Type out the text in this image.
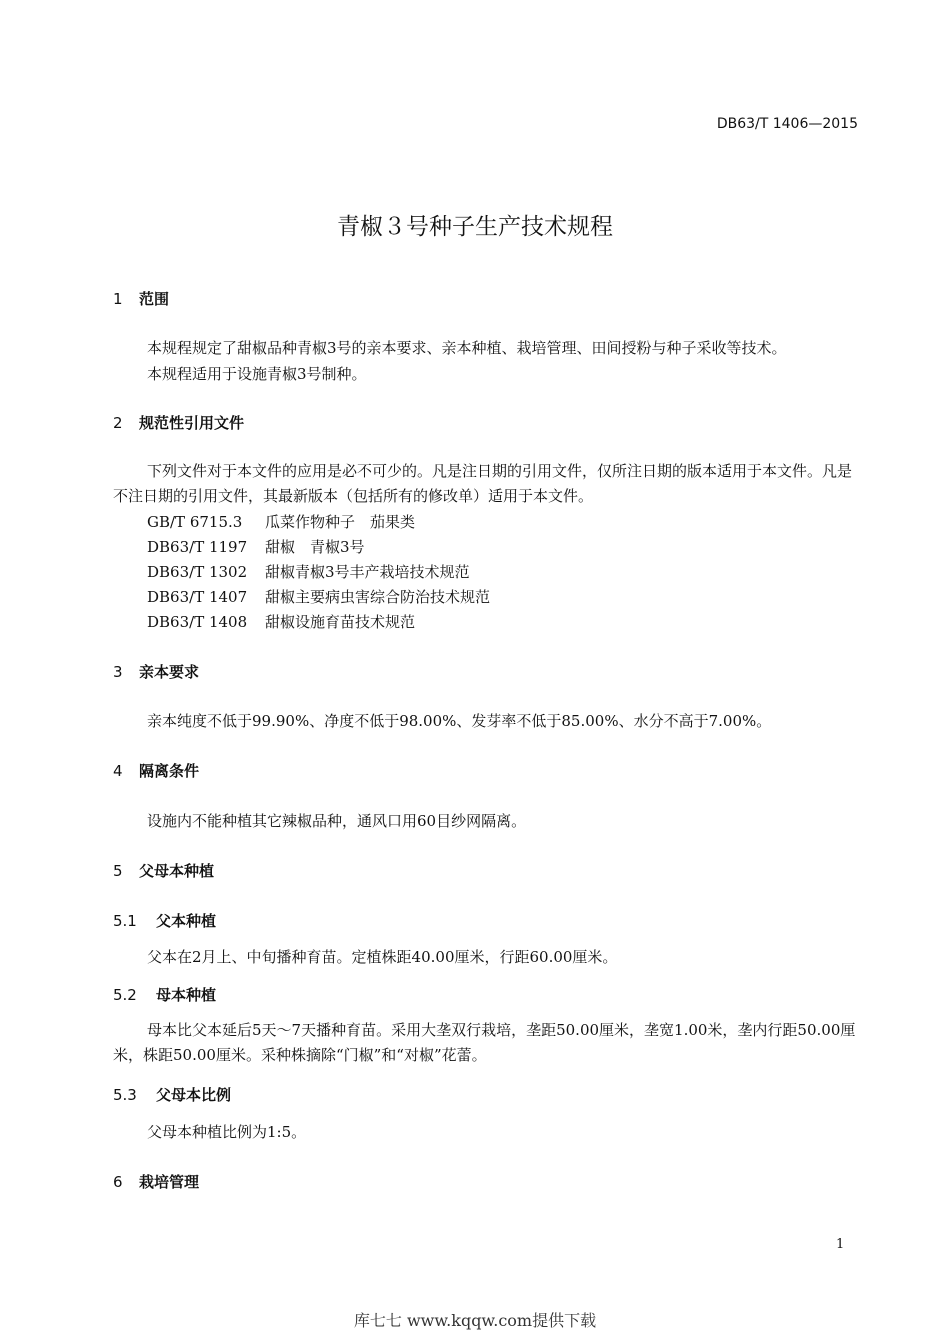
DB63/T 1406—2015
青椒３号种子生产技术规程
1 范围
本规程规定了甜椒品种青椒3号的亲本要求、亲本种植、栽培管理、田间授粉与种子采收等技术。
本规程适用于设施青椒3号制种。
2 规范性引用文件
下列文件对于本文件的应用是必不可少的。凡是注日期的引用文件，仅所注日期的版本适用于本文件。凡是不注日期的引用文件，其最新版本（包括所有的修改单）适用于本文件。
GB/T 6715.3 瓜菜作物种子　茄果类
DB63/T 1197 甜椒　青椒3号
DB63/T 1302 甜椒青椒3号丰产栽培技术规范
DB63/T 1407 甜椒主要病虫害综合防治技术规范
DB63/T 1408 甜椒设施育苗技术规范
3 亲本要求
亲本纯度不低于99.90%、净度不低于98.00%、发芽率不低于85.00%、水分不高于7.00%。
4 隔离条件
设施内不能种植其它辣椒品种，通风口用60目纱网隔离。
5 父母本种植
5.1 父本种植
父本在2月上、中旬播种育苗。定植株距40.00厘米，行距60.00厘米。
5.2 母本种植
母本比父本延后5天～7天播种育苗。采用大垄双行栽培，垄距50.00厘米，垄宽1.00米，垄内行距50.00厘米，株距50.00厘米。采种株摘除“门椒”和“对椒”花蕾。
5.3 父母本比例
父母本种植比例为1:5。
6 栽培管理
1
库七七 www.kqqw.com提供下载
